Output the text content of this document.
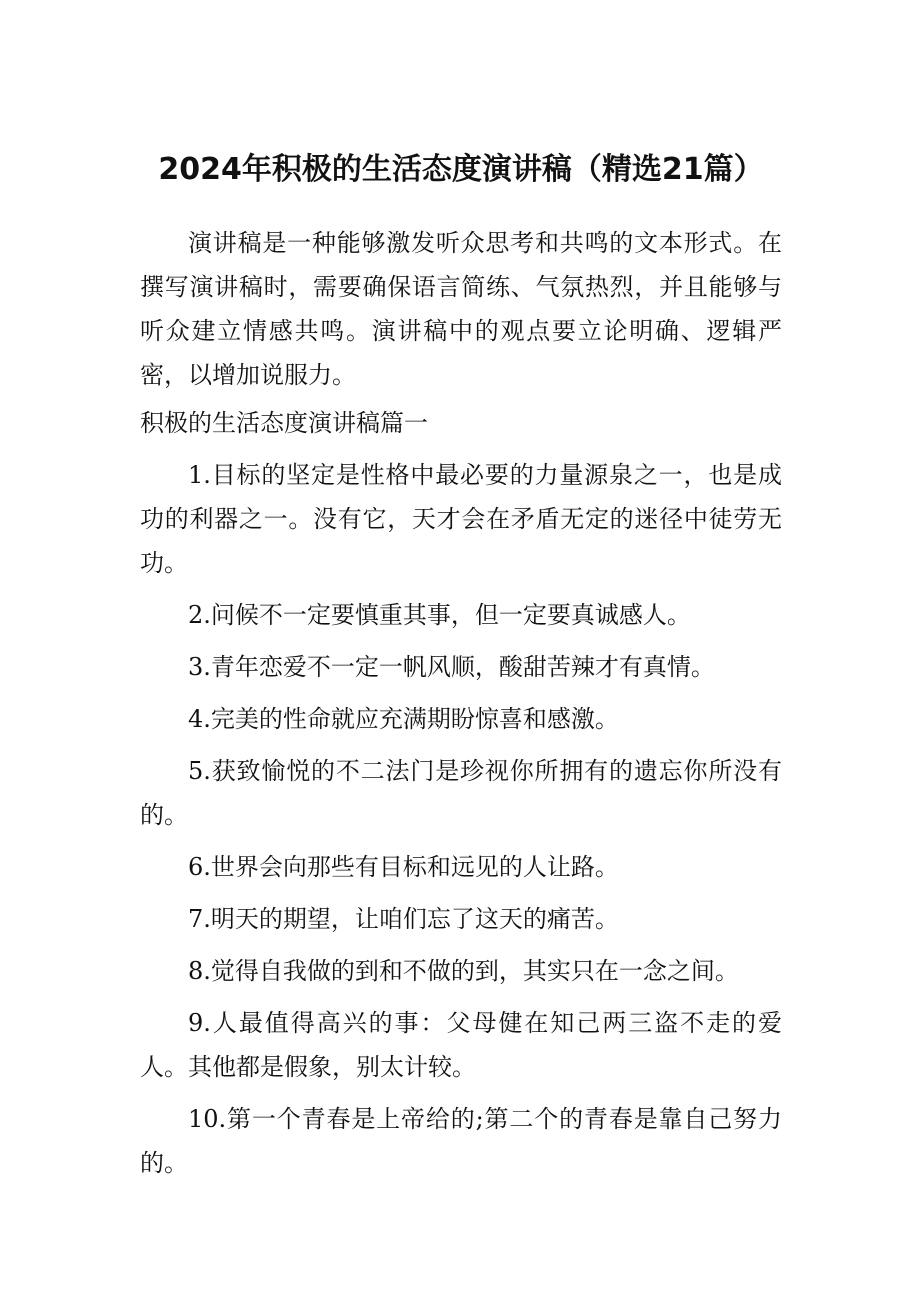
2024年积极的生活态度演讲稿（精选21篇）

演讲稿是一种能够激发听众思考和共鸣的文本形式。在撰写演讲稿时，需要确保语言简练、气氛热烈，并且能够与听众建立情感共鸣。演讲稿中的观点要立论明确、逻辑严密，以增加说服力。

积极的生活态度演讲稿篇一

1.目标的坚定是性格中最必要的力量源泉之一，也是成功的利器之一。没有它，天才会在矛盾无定的迷径中徒劳无功。

2.问候不一定要慎重其事，但一定要真诚感人。

3.青年恋爱不一定一帆风顺，酸甜苦辣才有真情。

4.完美的性命就应充满期盼惊喜和感激。

5.获致愉悦的不二法门是珍视你所拥有的遗忘你所没有的。

6.世界会向那些有目标和远见的人让路。

7.明天的期望，让咱们忘了这天的痛苦。

8.觉得自我做的到和不做的到，其实只在一念之间。

9.人最值得高兴的事：父母健在知己两三盗不走的爱人。其他都是假象，别太计较。

10.第一个青春是上帝给的;第二个的青春是靠自己努力的。
